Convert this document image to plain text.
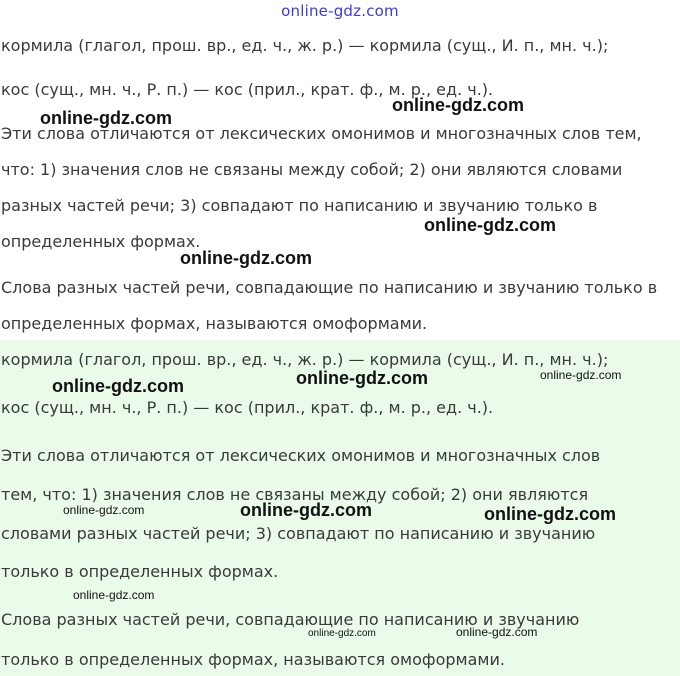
online-gdz.com
кормила (глагол, прош. вр., ед. ч., ж. р.) — кормила (сущ., И. п., мн. ч.);
кос (сущ., мн. ч., Р. п.) — кос (прил., крат. ф., м. р., ед. ч.).
Эти слова отличаются от лексических омонимов и многозначных слов тем,
что: 1) значения слов не связаны между собой; 2) они являются словами
разных частей речи; 3) совпадают по написанию и звучанию только в
определенных формах.
Слова разных частей речи, совпадающие по написанию и звучанию только в
определенных формах, называются омоформами.
кормила (глагол, прош. вр., ед. ч., ж. р.) — кормила (сущ., И. п., мн. ч.);
кос (сущ., мн. ч., Р. п.) — кос (прил., крат. ф., м. р., ед. ч.).
Эти слова отличаются от лексических омонимов и многозначных слов
тем, что: 1) значения слов не связаны между собой; 2) они являются
словами разных частей речи; 3) совпадают по написанию и звучанию
только в определенных формах.
Слова разных частей речи, совпадающие по написанию и звучанию
только в определенных формах, называются омоформами.
online-gdz.com
online-gdz.com
online-gdz.com
online-gdz.com
online-gdz.com	online-gdz.com
online-gdz.com
online-gdz.com
online-gdz.com	online-gdz.com
online-gdz.com
online-gdz.com
online-gdz.com
